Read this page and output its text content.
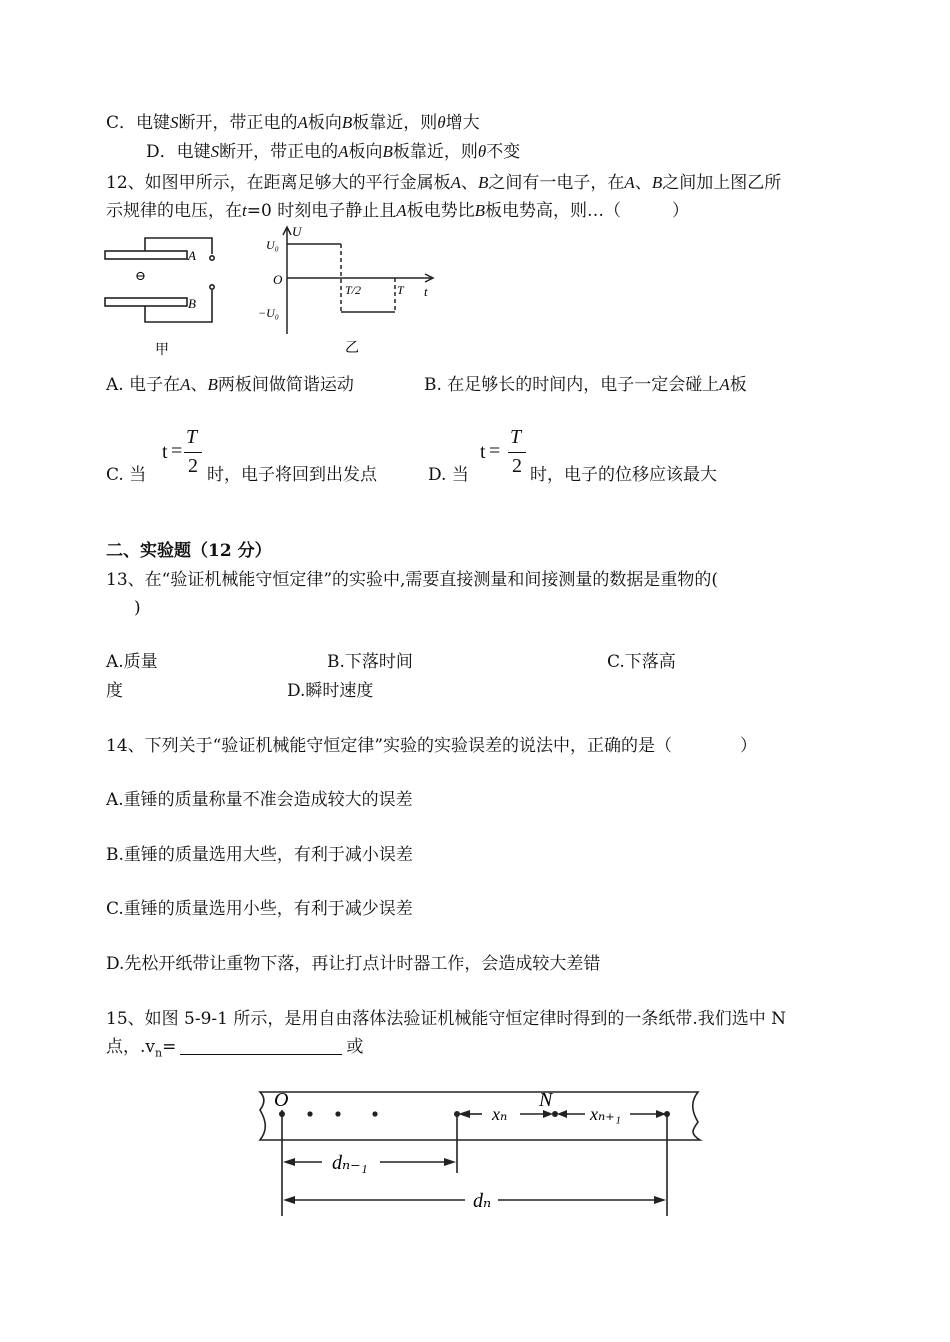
C．电键S断开，带正电的A板向B板靠近，则θ增大
D．电键S断开，带正电的A板向B板靠近，则θ不变
12、如图甲所示，在距离足够大的平行金属板A、B之间有一电子，在A、B之间加上图乙所
示规律的电压，在t=0 时刻电子静止且A板电势比B板电势高，则…（　　　）
A
B
⊖
甲
U
U₀
O
−U₀
T/2	T t
乙
A. 电子在A、B两板间做简谐运动	B. 在足够长的时间内，电子一定会碰上A板
C. 当
t =
T
2 时，电子将回到出发点	D. 当
t =
T
2 时，电子的位移应该最大
二、实验题（12 分）
13、在“验证机械能守恒定律”的实验中,需要直接测量和间接测量的数据是重物的(
)
A.质量	B.下落时间	C.下落高
度	D.瞬时速度
14、下列关于“验证机械能守恒定律”实验的实验误差的说法中，正确的是（　　　　）
A.重锤的质量称量不准会造成较大的误差
B.重锤的质量选用大些，有利于减小误差
C.重锤的质量选用小些，有利于减少误差
D.先松开纸带让重物下落，再让打点计时器工作，会造成较大差错
15、如图 5-9-1 所示，是用自由落体法验证机械能守恒定律时得到的一条纸带.我们选中 N
点，$.v_n=$	或
O	N
xₙ	xₙ₊₁
dₙ₋₁
dₙ
